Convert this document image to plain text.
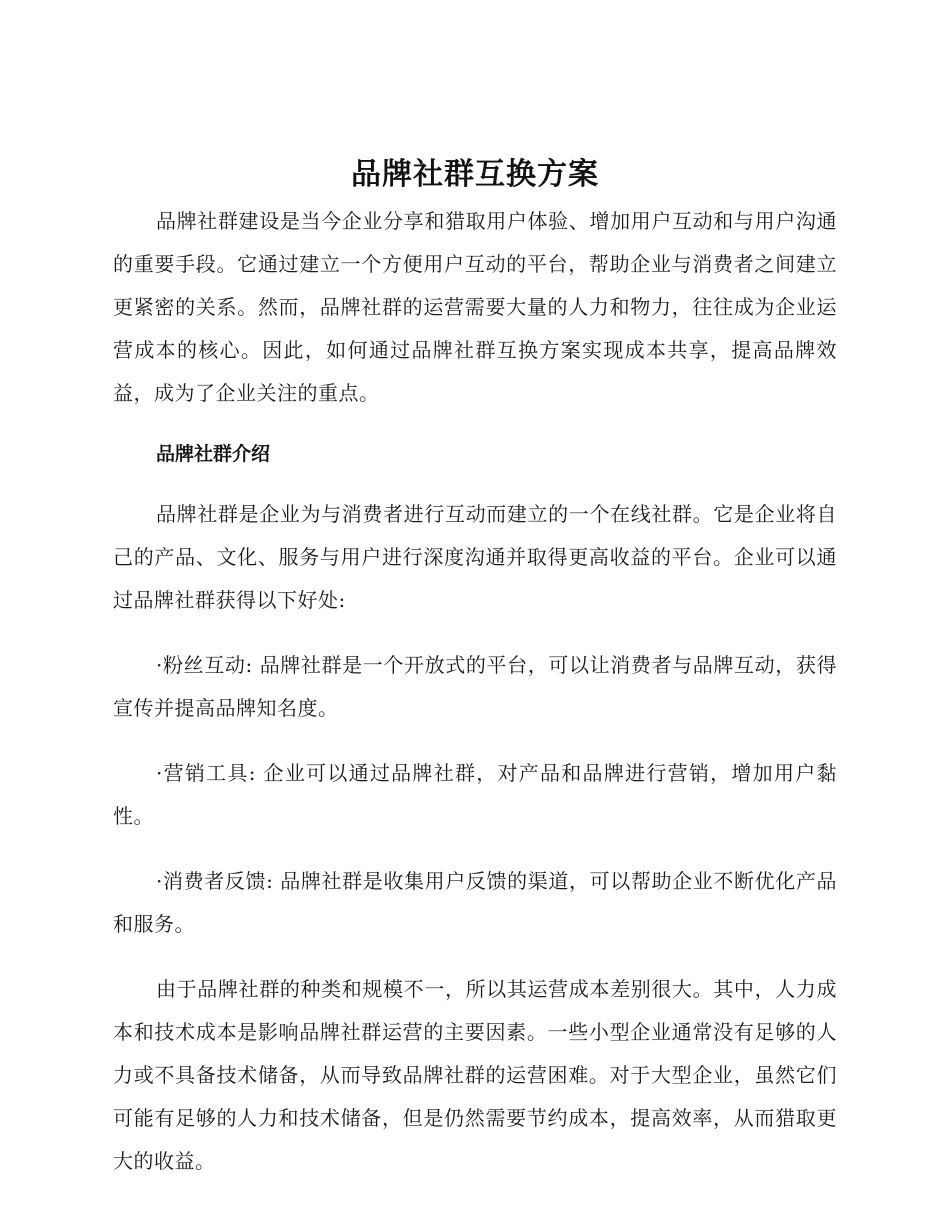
品牌社群互换方案

品牌社群建设是当今企业分享和猎取用户体验、增加用户互动和与用户沟通的重要手段。它通过建立一个方便用户互动的平台，帮助企业与消费者之间建立更紧密的关系。然而，品牌社群的运营需要大量的人力和物力，往往成为企业运营成本的核心。因此，如何通过品牌社群互换方案实现成本共享，提高品牌效益，成为了企业关注的重点。

品牌社群介绍

品牌社群是企业为与消费者进行互动而建立的一个在线社群。它是企业将自己的产品、文化、服务与用户进行深度沟通并取得更高收益的平台。企业可以通过品牌社群获得以下好处:

·粉丝互动: 品牌社群是一个开放式的平台，可以让消费者与品牌互动，获得宣传并提高品牌知名度。

·营销工具: 企业可以通过品牌社群，对产品和品牌进行营销，增加用户黏性。

·消费者反馈: 品牌社群是收集用户反馈的渠道，可以帮助企业不断优化产品和服务。

由于品牌社群的种类和规模不一，所以其运营成本差别很大。其中，人力成本和技术成本是影响品牌社群运营的主要因素。一些小型企业通常没有足够的人力或不具备技术储备，从而导致品牌社群的运营困难。对于大型企业，虽然它们可能有足够的人力和技术储备，但是仍然需要节约成本，提高效率，从而猎取更大的收益。
